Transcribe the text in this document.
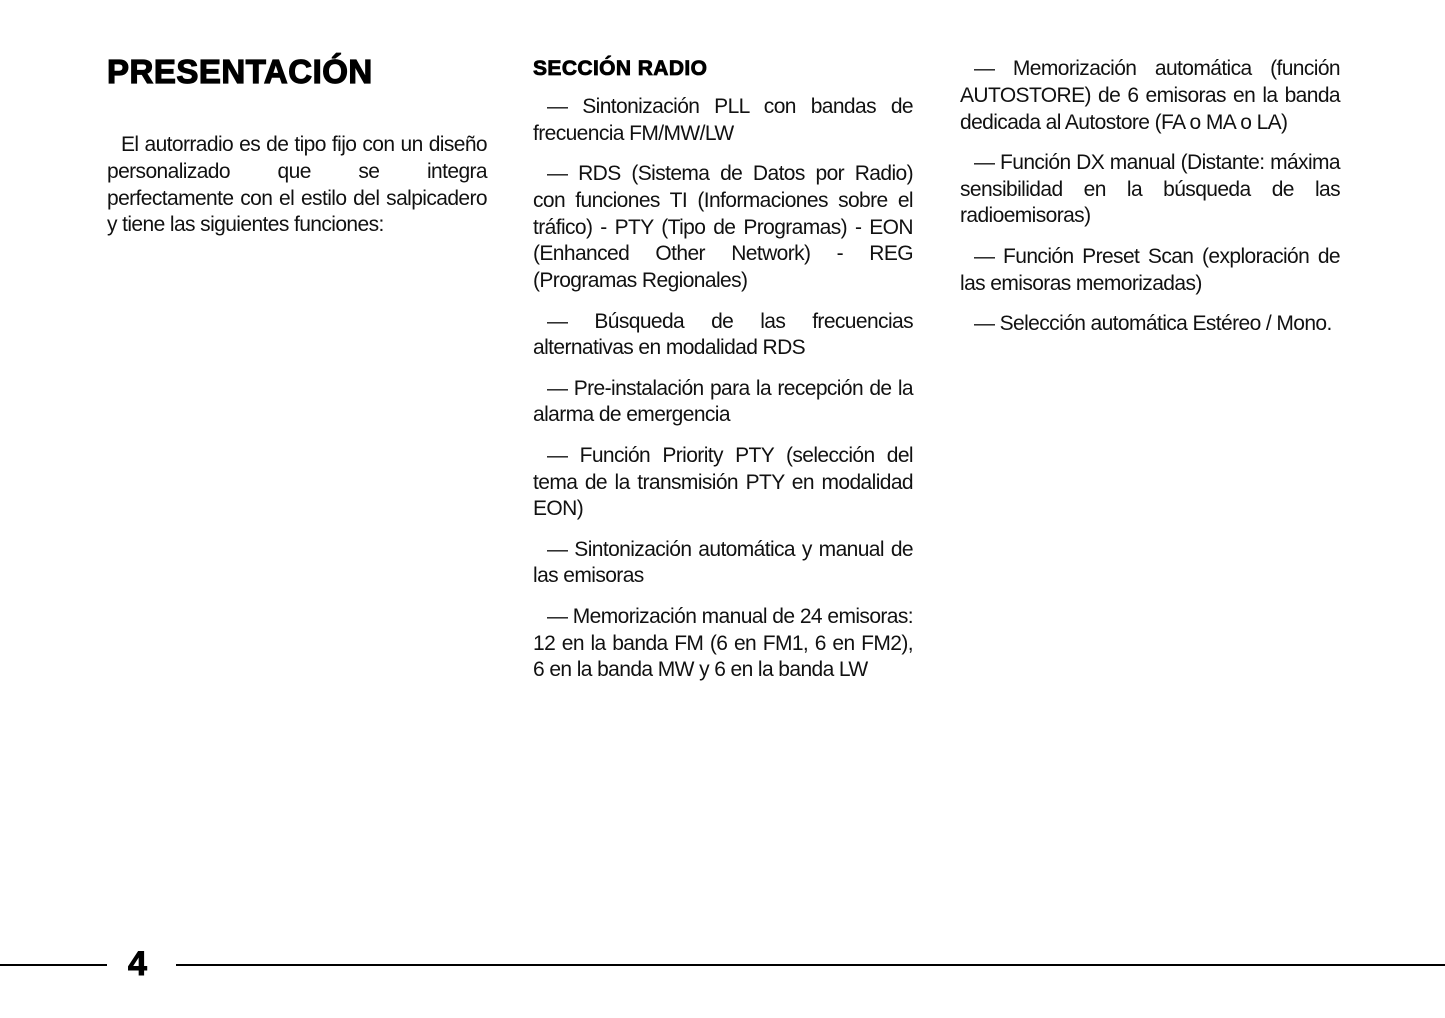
PRESENTACIÓN

El autorradio es de tipo fijo con un diseño personalizado que se integra perfectamente con el estilo del salpicadero y tiene las siguientes funciones:

SECCIÓN RADIO

— Sintonización PLL con bandas de frecuencia FM/MW/LW

— RDS (Sistema de Datos por Radio) con funciones TI (Informaciones sobre el tráfico) - PTY (Tipo de Programas) - EON (Enhanced Other Network) - REG (Programas Regionales)

— Búsqueda de las frecuencias alternativas en modalidad RDS

— Pre-instalación para la recepción de la alarma de emergencia

— Función Priority PTY (selección del tema de la transmisión PTY en modalidad EON)

— Sintonización automática y manual de las emisoras

— Memorización manual de 24 emisoras: 12 en la banda FM (6 en FM1, 6 en FM2), 6 en la banda MW y 6 en la banda LW

— Memorización automática (función AUTOSTORE) de 6 emisoras en la banda dedicada al Autostore (FA o MA o LA)

— Función DX manual (Distante: máxima sensibilidad en la búsqueda de las radioemisoras)

— Función Preset Scan (exploración de las emisoras memorizadas)

— Selección automática Estéreo / Mono.

4
